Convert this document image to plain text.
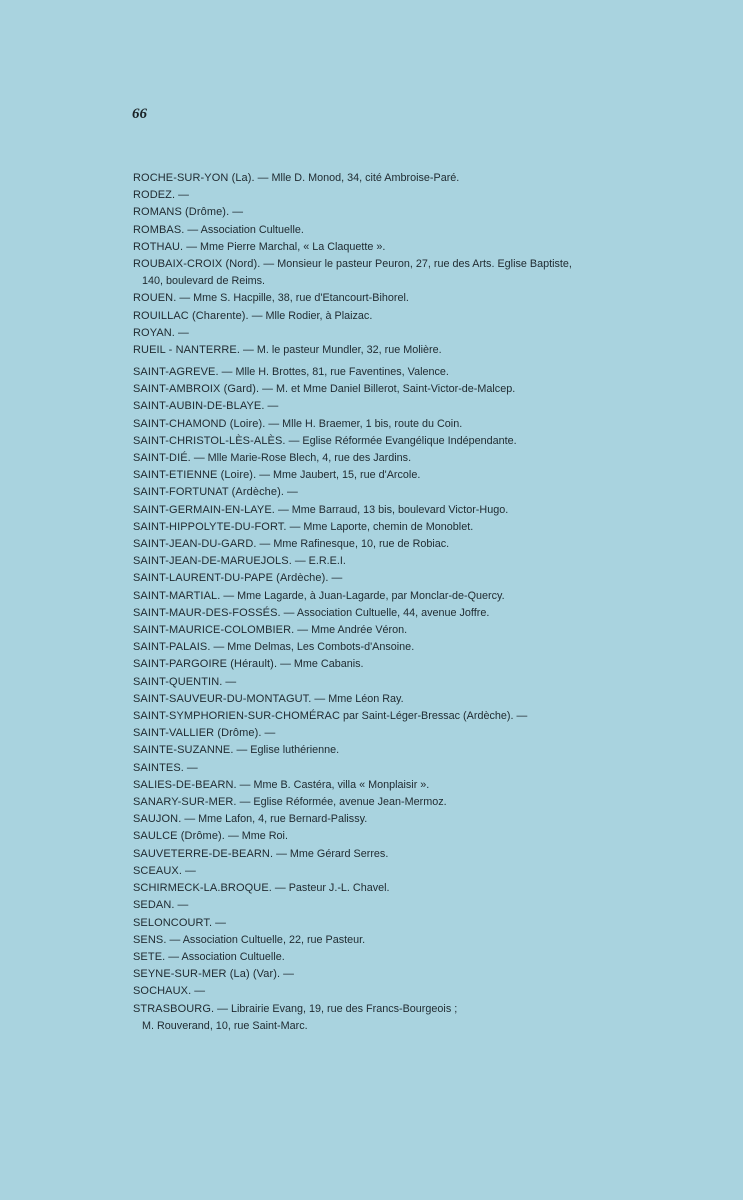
66
ROCHE-SUR-YON (La). — Mlle D. Monod, 34, cité Ambroise-Paré.
RODEZ. —
ROMANS (Drôme). —
ROMBAS. — Association Cultuelle.
ROTHAU. — Mme Pierre Marchal, « La Claquette ».
ROUBAIX-CROIX (Nord). — Monsieur le pasteur Peuron, 27, rue des Arts. Eglise Baptiste,
140, boulevard de Reims.
ROUEN. — Mme S. Hacpille, 38, rue d'Etancourt-Bihorel.
ROUILLAC (Charente). — Mlle Rodier, à Plaizac.
ROYAN. —
RUEIL - NANTERRE. — M. le pasteur Mundler, 32, rue Molière.
SAINT-AGREVE. — Mlle H. Brottes, 81, rue Faventines, Valence.
SAINT-AMBROIX (Gard). — M. et Mme Daniel Billerot, Saint-Victor-de-Malcep.
SAINT-AUBIN-DE-BLAYE. —
SAINT-CHAMOND (Loire). — Mlle H. Braemer, 1 bis, route du Coin.
SAINT-CHRISTOL-LÈS-ALÈS. — Eglise Réformée Evangélique Indépendante.
SAINT-DIÉ. — Mlle Marie-Rose Blech, 4, rue des Jardins.
SAINT-ETIENNE (Loire). — Mme Jaubert, 15, rue d'Arcole.
SAINT-FORTUNAT (Ardèche). —
SAINT-GERMAIN-EN-LAYE. — Mme Barraud, 13 bis, boulevard Victor-Hugo.
SAINT-HIPPOLYTE-DU-FORT. — Mme Laporte, chemin de Monoblet.
SAINT-JEAN-DU-GARD. — Mme Rafinesque, 10, rue de Robiac.
SAINT-JEAN-DE-MARUEJOLS. — E.R.E.I.
SAINT-LAURENT-DU-PAPE (Ardèche). —
SAINT-MARTIAL. — Mme Lagarde, à Juan-Lagarde, par Monclar-de-Quercy.
SAINT-MAUR-DES-FOSSÉS. — Association Cultuelle, 44, avenue Joffre.
SAINT-MAURICE-COLOMBIER. — Mme Andrée Véron.
SAINT-PALAIS. — Mme Delmas, Les Combots-d'Ansoine.
SAINT-PARGOIRE (Hérault). — Mme Cabanis.
SAINT-QUENTIN. —
SAINT-SAUVEUR-DU-MONTAGUT. — Mme Léon Ray.
SAINT-SYMPHORIEN-SUR-CHOMÉRAC par Saint-Léger-Bressac (Ardèche). —
SAINT-VALLIER (Drôme). —
SAINTE-SUZANNE. — Eglise luthérienne.
SAINTES. —
SALIES-DE-BEARN. — Mme B. Castéra, villa « Monplaisir ».
SANARY-SUR-MER. — Eglise Réformée, avenue Jean-Mermoz.
SAUJON. — Mme Lafon, 4, rue Bernard-Palissy.
SAULCE (Drôme). — Mme Roi.
SAUVETERRE-DE-BEARN. — Mme Gérard Serres.
SCEAUX. —
SCHIRMECK-LA.BROQUE. — Pasteur J.-L. Chavel.
SEDAN. —
SELONCOURT. —
SENS. — Association Cultuelle, 22, rue Pasteur.
SETE. — Association Cultuelle.
SEYNE-SUR-MER (La) (Var). —
SOCHAUX. —
STRASBOURG. — Librairie Evang, 19, rue des Francs-Bourgeois ;
M. Rouverand, 10, rue Saint-Marc.
